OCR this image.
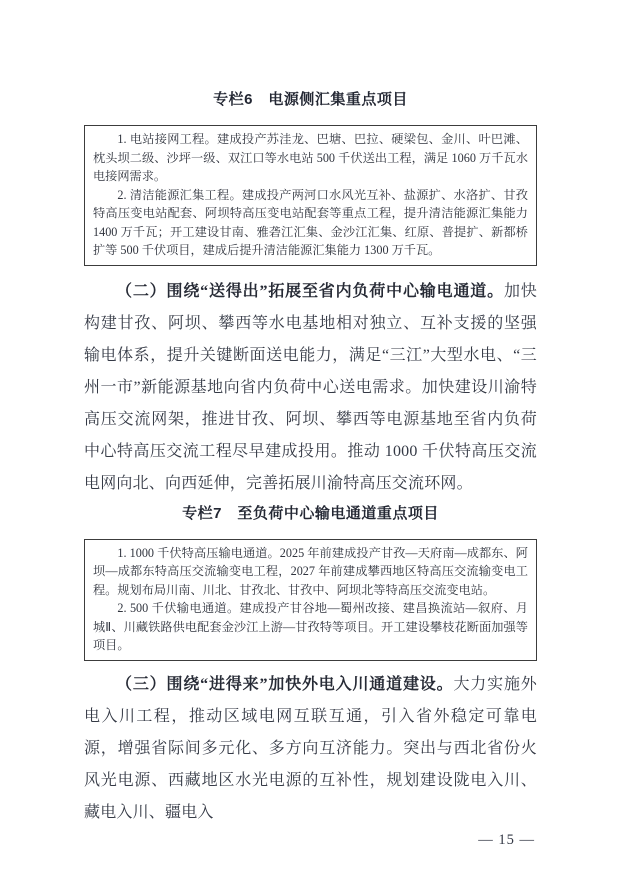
专栏6　电源侧汇集重点项目

1. 电站接网工程。建成投产苏洼龙、巴塘、巴拉、硬梁包、金川、叶巴滩、枕头坝二级、沙坪一级、双江口等水电站 500 千伏送出工程，满足 1060 万千瓦水电接网需求。

2. 清洁能源汇集工程。建成投产两河口水风光互补、盐源扩、水洛扩、甘孜特高压变电站配套、阿坝特高压变电站配套等重点工程，提升清洁能源汇集能力 1400 万千瓦；开工建设甘南、雅砻江汇集、金沙江汇集、红原、普提扩、新都桥扩等 500 千伏项目，建成后提升清洁能源汇集能力 1300 万千瓦。

（二）围绕“送得出”拓展至省内负荷中心输电通道。加快构建甘孜、阿坝、攀西等水电基地相对独立、互补支援的坚强输电体系，提升关键断面送电能力，满足“三江”大型水电、“三州一市”新能源基地向省内负荷中心送电需求。加快建设川渝特高压交流网架，推进甘孜、阿坝、攀西等电源基地至省内负荷中心特高压交流工程尽早建成投用。推动 1000 千伏特高压交流电网向北、向西延伸，完善拓展川渝特高压交流环网。

专栏7　至负荷中心输电通道重点项目

1. 1000 千伏特高压输电通道。2025 年前建成投产甘孜—天府南—成都东、阿坝—成都东特高压交流输变电工程，2027 年前建成攀西地区特高压交流输变电工程。规划布局川南、川北、甘孜北、甘孜中、阿坝北等特高压交流变电站。

2. 500 千伏输电通道。建成投产甘谷地—蜀州改接、建昌换流站—叙府、月城Ⅱ、川藏铁路供电配套金沙江上游—甘孜特等项目。开工建设攀枝花断面加强等项目。

（三）围绕“进得来”加快外电入川通道建设。大力实施外电入川工程，推动区域电网互联互通，引入省外稳定可靠电源，增强省际间多元化、多方向互济能力。突出与西北省份火风光电源、西藏地区水光电源的互补性，规划建设陇电入川、藏电入川、疆电入

— 15 —
